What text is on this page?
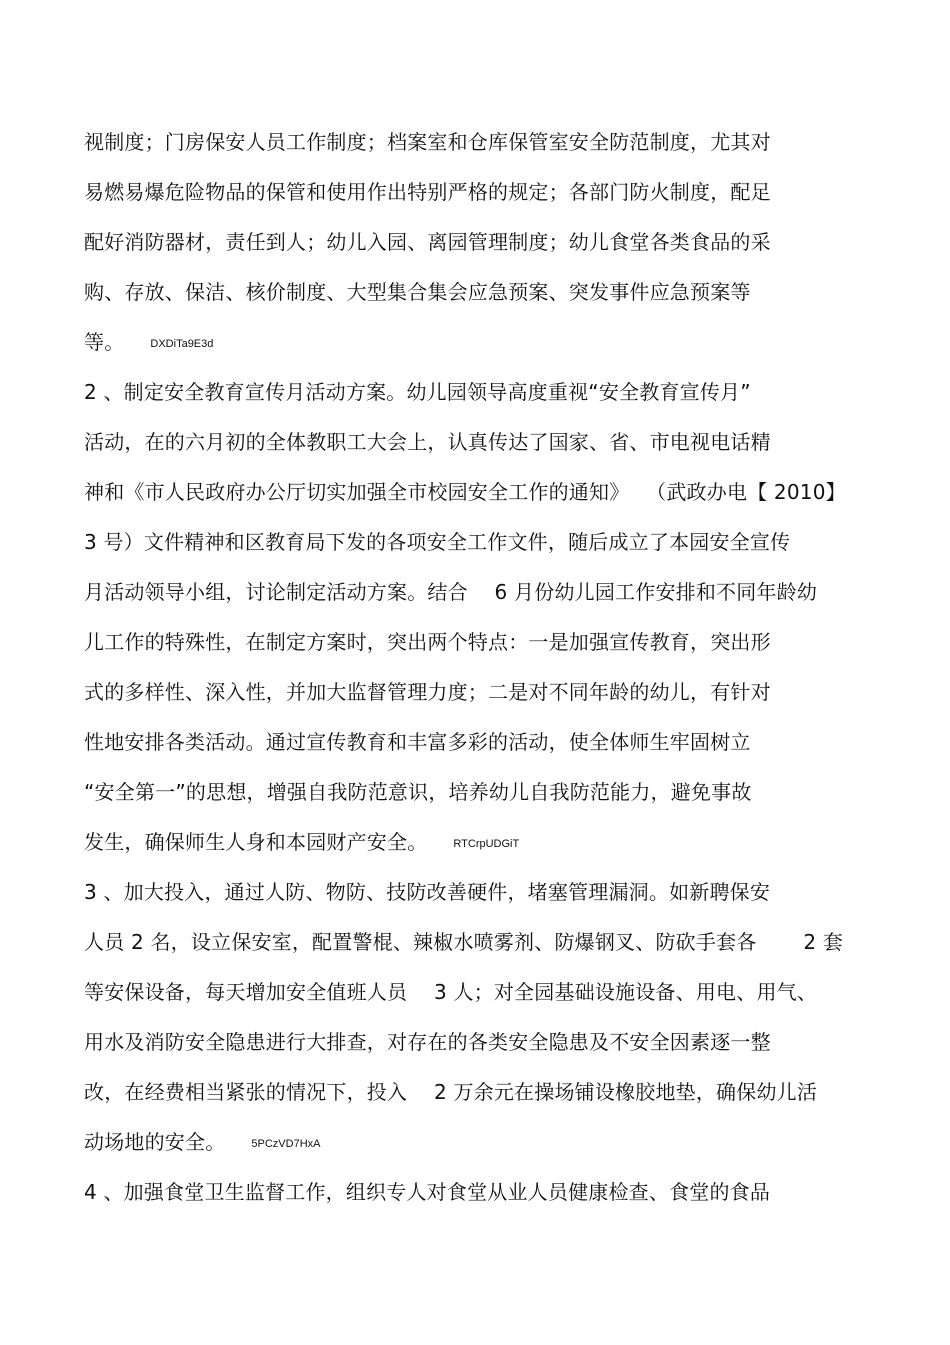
视制度；门房保安人员工作制度；档案室和仓库保管室安全防范制度，尤其对
易燃易爆危险物品的保管和使用作出特别严格的规定；各部门防火制度，配足
配好消防器材，责任到人；幼儿入园、离园管理制度；幼儿食堂各类食品的采
购、存放、保洁、核价制度、大型集合集会应急预案、突发事件应急预案等
等。 DXDiTa9E3d
2 、制定安全教育宣传月活动方案。幼儿园领导高度重视“安全教育宣传月”
活动，在的六月初的全体教职工大会上，认真传达了国家、省、市电视电话精
神和《市人民政府办公厅切实加强全市校园安全工作的通知》　 （武政办电【 2010】
3 号）文件精神和区教育局下发的各项安全工作文件，随后成立了本园安全宣传
月活动领导小组，讨论制定活动方案。结合　 6 月份幼儿园工作安排和不同年龄幼
儿工作的特殊性，在制定方案时，突出两个特点：一是加强宣传教育，突出形
式的多样性、深入性，并加大监督管理力度；二是对不同年龄的幼儿，有针对
性地安排各类活动。通过宣传教育和丰富多彩的活动，使全体师生牢固树立
“安全第一”的思想，增强自我防范意识，培养幼儿自我防范能力，避免事故
发生，确保师生人身和本园财产安全。 RTCrpUDGiT
3 、加大投入，通过人防、物防、技防改善硬件，堵塞管理漏洞。如新聘保安
人员 2 名，设立保安室，配置警棍、辣椒水喷雾剂、防爆钢叉、防砍手套各　　 2 套
等安保设备，每天增加安全值班人员　 3 人；对全园基础设施设备、用电、用气、
用水及消防安全隐患进行大排查，对存在的各类安全隐患及不安全因素逐一整
改，在经费相当紧张的情况下，投入　 2 万余元在操场铺设橡胶地垫，确保幼儿活
动场地的安全。 5PCzVD7HxA
4 、加强食堂卫生监督工作，组织专人对食堂从业人员健康检查、食堂的食品
